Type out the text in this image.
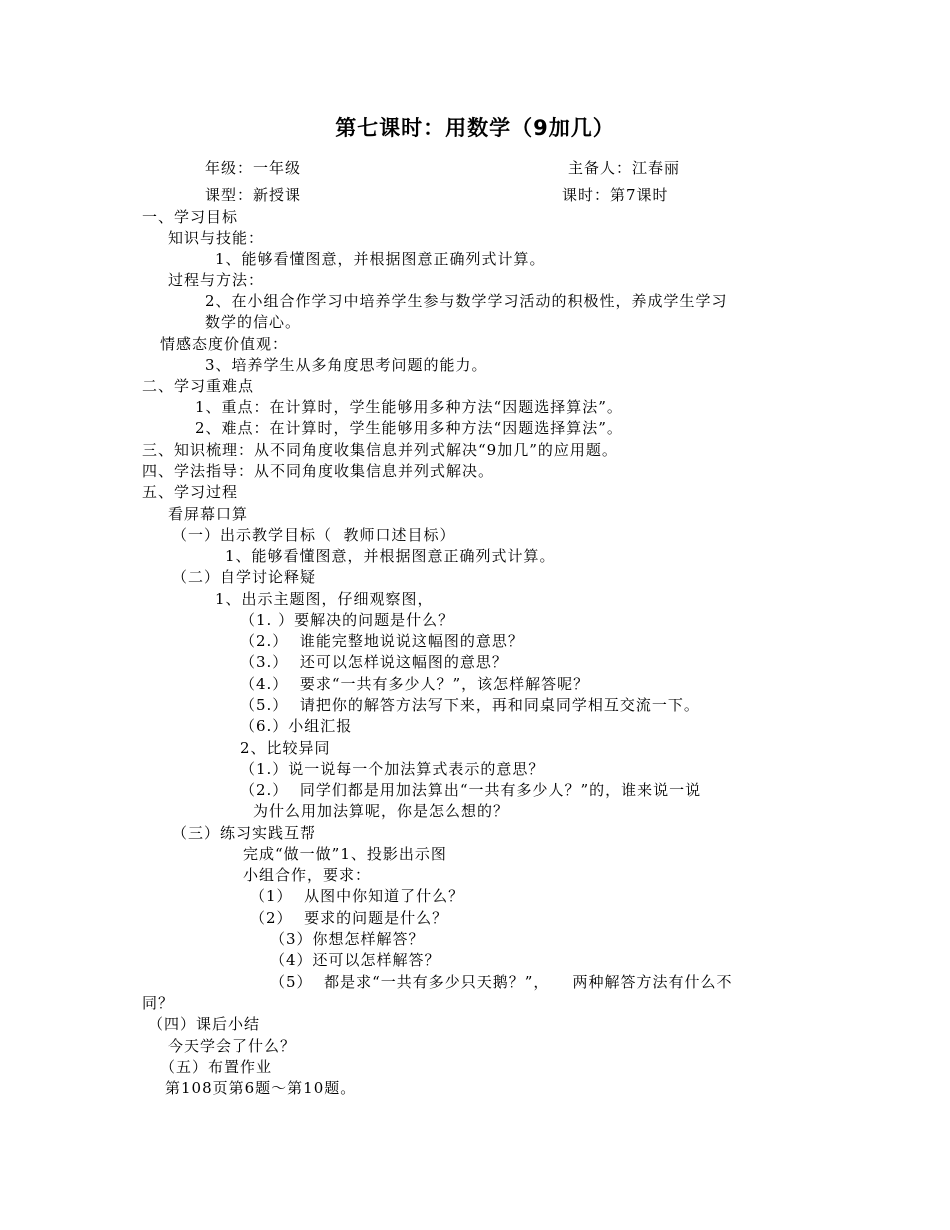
第七课时：用数学（9加几）
年级：一年级	主备人：江春丽
课型：新授课	课时：第7课时
一、学习目标
知识与技能：
1、能够看懂图意，并根据图意正确列式计算。
过程与方法：
2、在小组合作学习中培养学生参与数学学习活动的积极性，养成学生学习
数学的信心。
情感态度价值观：
3、培养学生从多角度思考问题的能力。
二、学习重难点
1、重点：在计算时，学生能够用多种方法“因题选择算法”。
2、难点：在计算时，学生能够用多种方法“因题选择算法”。
三、知识梳理：从不同角度收集信息并列式解决“9加几”的应用题。
四、学法指导：从不同角度收集信息并列式解决。
五、学习过程
看屏幕口算
（一）出示教学目标（  教师口述目标）
1、能够看懂图意，并根据图意正确列式计算。
（二）自学讨论释疑
1、出示主题图，仔细观察图，
（1. ）要解决的问题是什么？
（2.）  谁能完整地说说这幅图的意思？
（3.）  还可以怎样说这幅图的意思？
（4.）  要求“一共有多少人？”，该怎样解答呢？
（5.）  请把你的解答方法写下来，再和同桌同学相互交流一下。
（6.）小组汇报
2、比较异同
（1.）说一说每一个加法算式表示的意思？
（2.）  同学们都是用加法算出“一共有多少人？”的，谁来说一说
为什么用加法算呢，你是怎么想的？
（三）练习实践互帮
完成“做一做”1、投影出示图
小组合作，要求：
（1）  从图中你知道了什么？
（2）  要求的问题是什么？
（3）你想怎样解答？
（4）还可以怎样解答？
（5）  都是求“一共有多少只天鹅？”，    两种解答方法有什么不
同？
（四）课后小结
今天学会了什么？
（五）布置作业
第108页第6题～第10题。
